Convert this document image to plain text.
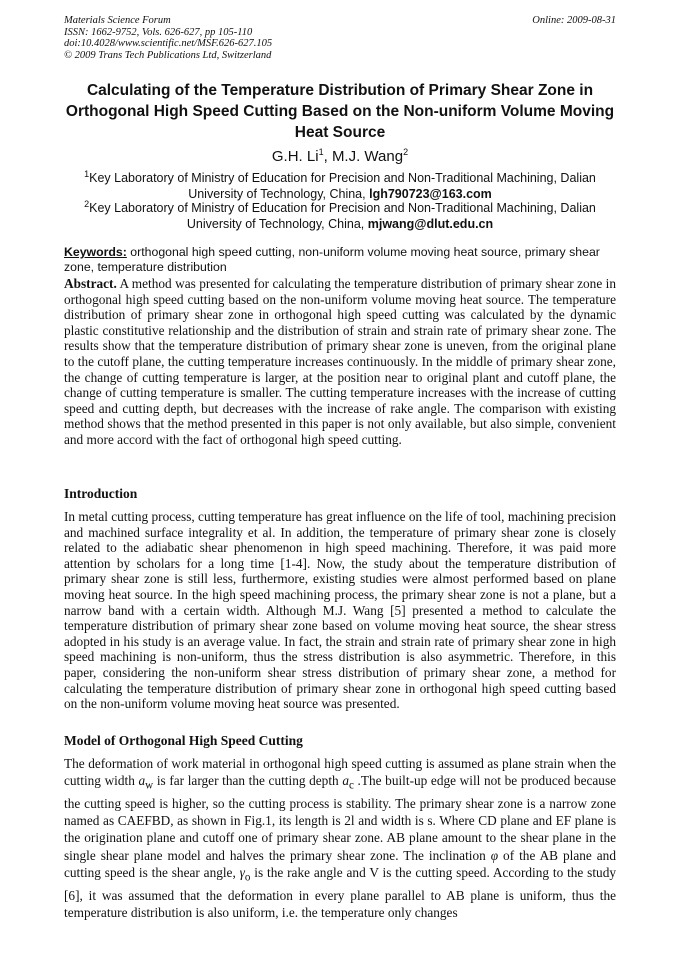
Materials Science Forum
ISSN: 1662-9752, Vols. 626-627, pp 105-110
doi:10.4028/www.scientific.net/MSF.626-627.105
© 2009 Trans Tech Publications Ltd, Switzerland
Online: 2009-08-31
Calculating of the Temperature Distribution of Primary Shear Zone in Orthogonal High Speed Cutting Based on the Non-uniform Volume Moving Heat Source
G.H. Li$^1$, M.J. Wang$^2$
$^1$Key Laboratory of Ministry of Education for Precision and Non-Traditional Machining, Dalian University of Technology, China, lgh790723@163.com
$^2$Key Laboratory of Ministry of Education for Precision and Non-Traditional Machining, Dalian University of Technology, China, mjwang@dlut.edu.cn
Keywords: orthogonal high speed cutting, non-uniform volume moving heat source, primary shear zone, temperature distribution
Abstract. A method was presented for calculating the temperature distribution of primary shear zone in orthogonal high speed cutting based on the non-uniform volume moving heat source. The temperature distribution of primary shear zone in orthogonal high speed cutting was calculated by the dynamic plastic constitutive relationship and the distribution of strain and strain rate of primary shear zone. The results show that the temperature distribution of primary shear zone is uneven, from the original plane to the cutoff plane, the cutting temperature increases continuously. In the middle of primary shear zone, the change of cutting temperature is larger, at the position near to original plant and cutoff plane, the change of cutting temperature is smaller. The cutting temperature increases with the increase of cutting speed and cutting depth, but decreases with the increase of rake angle. The comparison with existing method shows that the method presented in this paper is not only available, but also simple, convenient and more accord with the fact of orthogonal high speed cutting.
Introduction
In metal cutting process, cutting temperature has great influence on the life of tool, machining precision and machined surface integrality et al. In addition, the temperature of primary shear zone is closely related to the adiabatic shear phenomenon in high speed machining. Therefore, it was paid more attention by scholars for a long time [1-4]. Now, the study about the temperature distribution of primary shear zone is still less, furthermore, existing studies were almost performed based on plane moving heat source. In the high speed machining process, the primary shear zone is not a plane, but a narrow band with a certain width. Although M.J. Wang [5] presented a method to calculate the temperature distribution of primary shear zone based on volume moving heat source, the shear stress adopted in his study is an average value. In fact, the strain and strain rate of primary shear zone in high speed machining is non-uniform, thus the stress distribution is also asymmetric. Therefore, in this paper, considering the non-uniform shear stress distribution of primary shear zone, a method for calculating the temperature distribution of primary shear zone in orthogonal high speed cutting based on the non-uniform volume moving heat source was presented.
Model of Orthogonal High Speed Cutting
The deformation of work material in orthogonal high speed cutting is assumed as plane strain when the cutting width $a_w$ is far larger than the cutting depth $a_c$ .The built-up edge will not be produced because the cutting speed is higher, so the cutting process is stability. The primary shear zone is a narrow zone named as CAEFBD, as shown in Fig.1, its length is 2l and width is s. Where CD plane and EF plane is the origination plane and cutoff one of primary shear zone. AB plane amount to the shear plane in the single shear plane model and halves the primary shear zone. The inclination φ of the AB plane and cutting speed is the shear angle, $\gamma_o$ is the rake angle and V is the cutting speed. According to the study [6], it was assumed that the deformation in every plane parallel to AB plane is uniform, thus the temperature distribution is also uniform, i.e. the temperature only changes
